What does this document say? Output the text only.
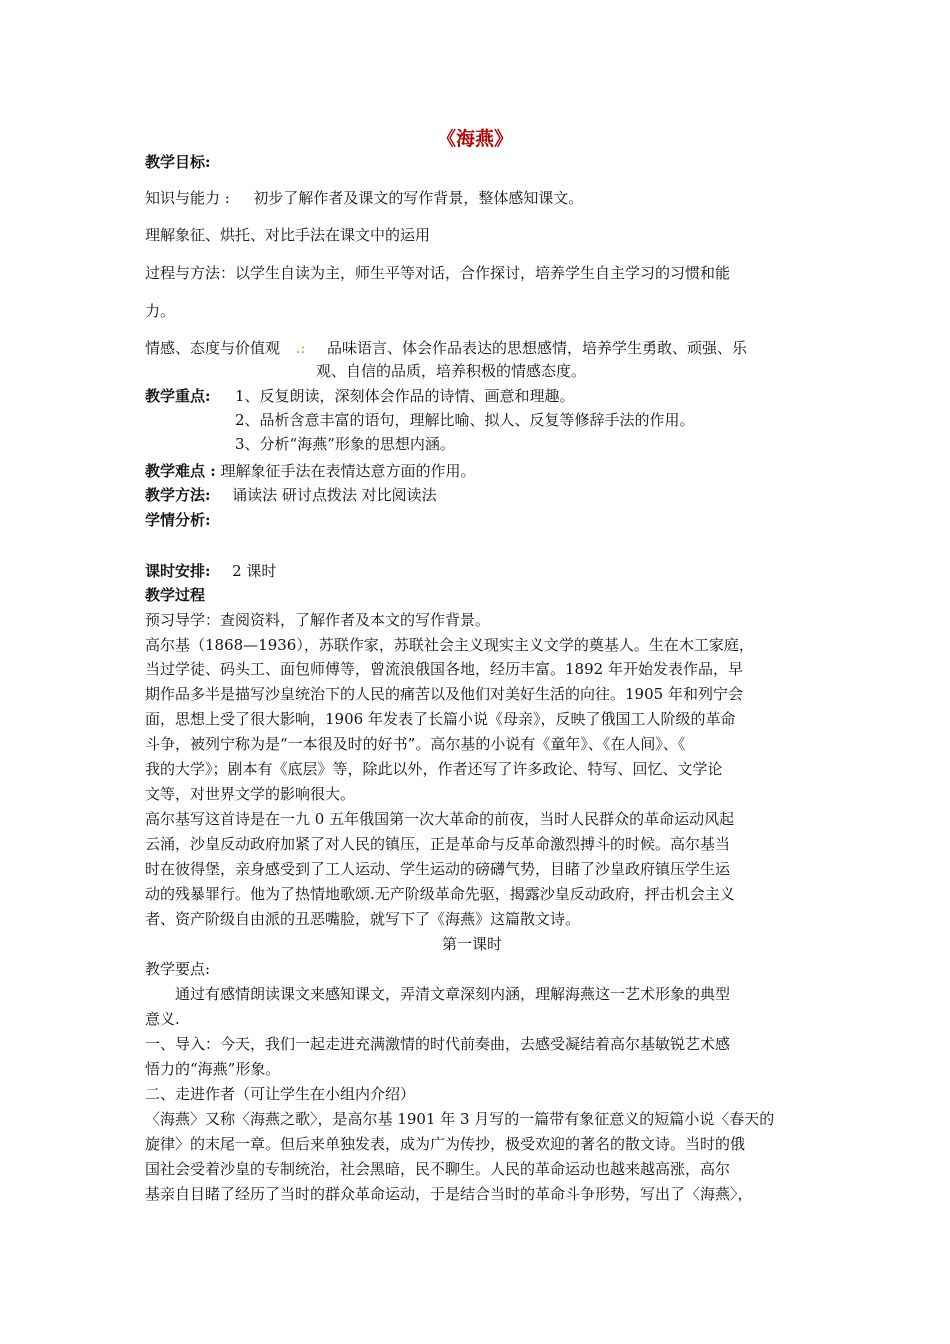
《海燕》
教学目标:
知识与能力 : 初步了解作者及课文的写作背景，整体感知课文。
理解象征、烘托、对比手法在课文中的运用
过程与方法：以学生自读为主，师生平等对话，合作探讨，培养学生自主学习的习惯和能
力。
情感、态度与价值观 .: 品味语言、体会作品表达的思想感情，培养学生勇敢、顽强、乐
观、自信的品质，培养积极的情感态度。
教学重点: 1、反复朗读，深刻体会作品的诗情、画意和理趣。
2、品析含意丰富的语句，理解比喻、拟人、反复等修辞手法的作用。
3、分析“海燕”形象的思想内涵。
教学难点 : 理解象征手法在表情达意方面的作用。
教学方法: 诵读法 研讨点拨法 对比阅读法
学情分析:
课时安排: 2 课时
教学过程
预习导学：查阅资料，了解作者及本文的写作背景。
高尔基（1868—1936），苏联作家，苏联社会主义现实主义文学的奠基人。生在木工家庭，
当过学徒、码头工、面包师傅等，曾流浪俄国各地，经历丰富。1892 年开始发表作品，早
期作品多半是描写沙皇统治下的人民的痛苦以及他们对美好生活的向往。1905 年和列宁会
面，思想上受了很大影响，1906 年发表了长篇小说《母亲》，反映了俄国工人阶级的革命
斗争，被列宁称为是“一本很及时的好书”。高尔基的小说有《童年》、《在人间》、《
我的大学》；剧本有《底层》等，除此以外，作者还写了许多政论、特写、回忆、文学论
文等，对世界文学的影响很大。
高尔基写这首诗是在一九 0 五年俄国第一次大革命的前夜，当时人民群众的革命运动风起
云涌，沙皇反动政府加紧了对人民的镇压，正是革命与反革命激烈搏斗的时候。高尔基当
时在彼得堡，亲身感受到了工人运动、学生运动的磅礴气势，目睹了沙皇政府镇压学生运
动的残暴罪行。他为了热情地歌颂.无产阶级革命先驱，揭露沙皇反动政府，抨击机会主义
者、资产阶级自由派的丑恶嘴脸，就写下了《海燕》这篇散文诗。
第一课时
教学要点:
通过有感情朗读课文来感知课文，弄清文章深刻内涵，理解海燕这一艺术形象的典型
意义.
一、导入：今天，我们一起走进充满激情的时代前奏曲，去感受凝结着高尔基敏锐艺术感
悟力的“海燕”形象。
二、走进作者（可让学生在小组内介绍）
〈海燕〉又称〈海燕之歌〉，是高尔基 1901 年 3 月写的一篇带有象征意义的短篇小说〈春天的
旋律〉的末尾一章。但后来单独发表，成为广为传抄，极受欢迎的著名的散文诗。当时的俄
国社会受着沙皇的专制统治，社会黑暗，民不聊生。人民的革命运动也越来越高涨，高尔
基亲自目睹了经历了当时的群众革命运动，于是结合当时的革命斗争形势，写出了〈海燕〉，
